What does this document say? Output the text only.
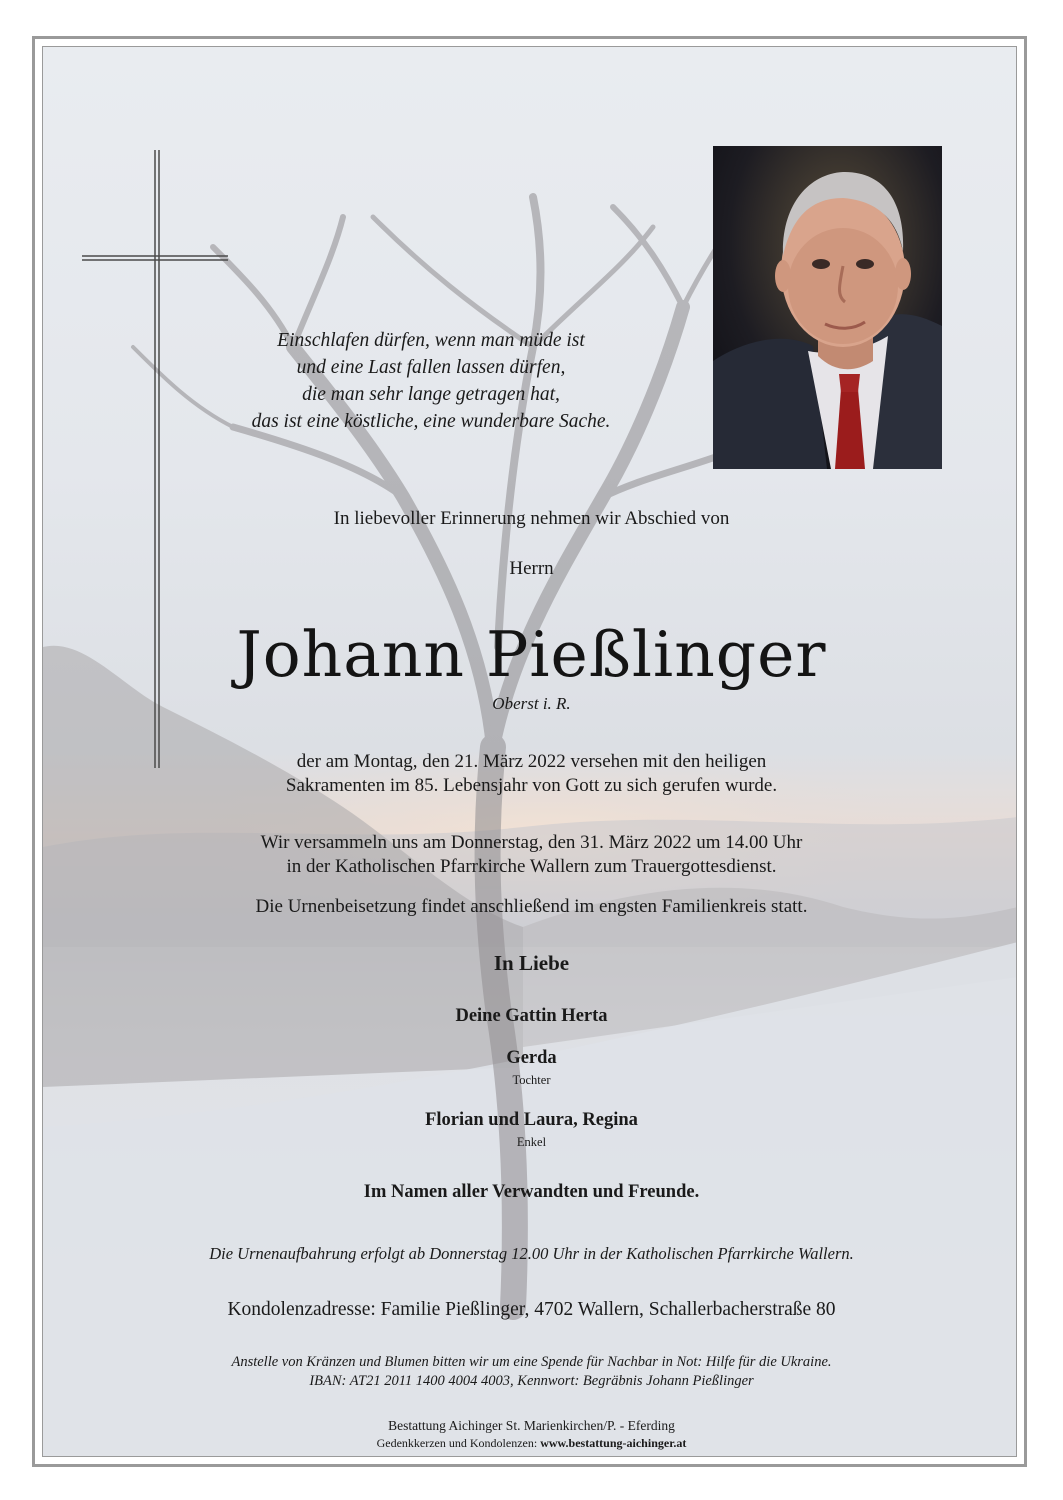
Einschlafen dürfen, wenn man müde ist
und eine Last fallen lassen dürfen,
die man sehr lange getragen hat,
das ist eine köstliche, eine wunderbare Sache.
In liebevoller Erinnerung nehmen wir Abschied von
Herrn
Johann Pießlinger
Oberst i. R.
der am Montag, den 21. März 2022 versehen mit den heiligen
Sakramenten im 85. Lebensjahr von Gott zu sich gerufen wurde.
Wir versammeln uns am Donnerstag, den 31. März 2022 um 14.00 Uhr
in der Katholischen Pfarrkirche Wallern zum Trauergottesdienst.
Die Urnenbeisetzung findet anschließend im engsten Familienkreis statt.
In Liebe
Deine Gattin Herta
Gerda
Tochter
Florian und Laura, Regina
Enkel
Im Namen aller Verwandten und Freunde.
Die Urnenaufbahrung erfolgt ab Donnerstag 12.00 Uhr in der Katholischen Pfarrkirche Wallern.
Kondolenzadresse: Familie Pießlinger, 4702 Wallern, Schallerbacherstraße 80
Anstelle von Kränzen und Blumen bitten wir um eine Spende für Nachbar in Not: Hilfe für die Ukraine.
IBAN: AT21 2011 1400 4004 4003, Kennwort: Begräbnis Johann Pießlinger
Bestattung Aichinger St. Marienkirchen/P. - Eferding
Gedenkkerzen und Kondolenzen: www.bestattung-aichinger.at
